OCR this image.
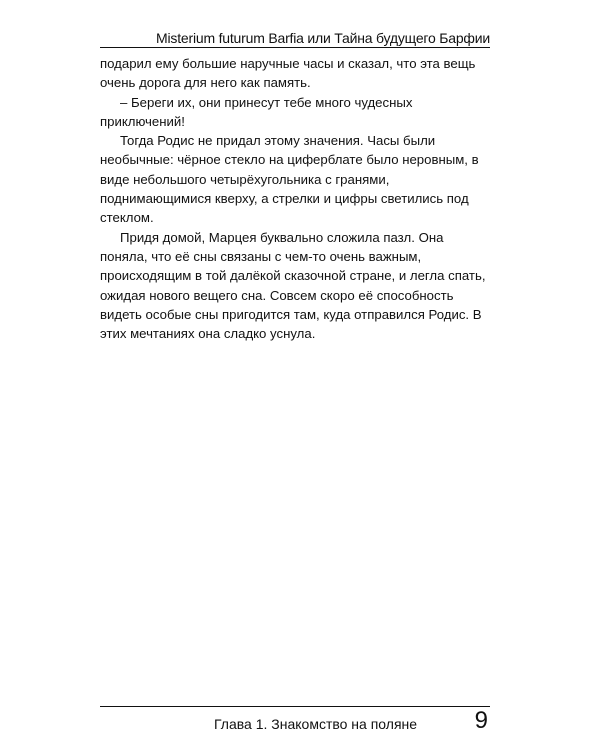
Misterium futurum Barfia или Тайна будущего Барфии

подарил ему большие наручные часы и сказал, что эта вещь очень дорога для него как память.

– Береги их, они принесут тебе много чудесных приключений!

Тогда Родис не придал этому значения. Часы были необычные: чёрное стекло на циферблате было неровным, в виде небольшого четырёхугольника с гранями, поднимающимися кверху, а стрелки и цифры светились под стеклом.

Придя домой, Марцея буквально сложила пазл. Она поняла, что её сны связаны с чем-то очень важным, происходящим в той далёкой сказочной стране, и легла спать, ожидая нового вещего сна. Совсем скоро её способность видеть особые сны пригодится там, куда отправился Родис. В этих мечтаниях она сладко уснула.

Глава 1. Знакомство на поляне 9
